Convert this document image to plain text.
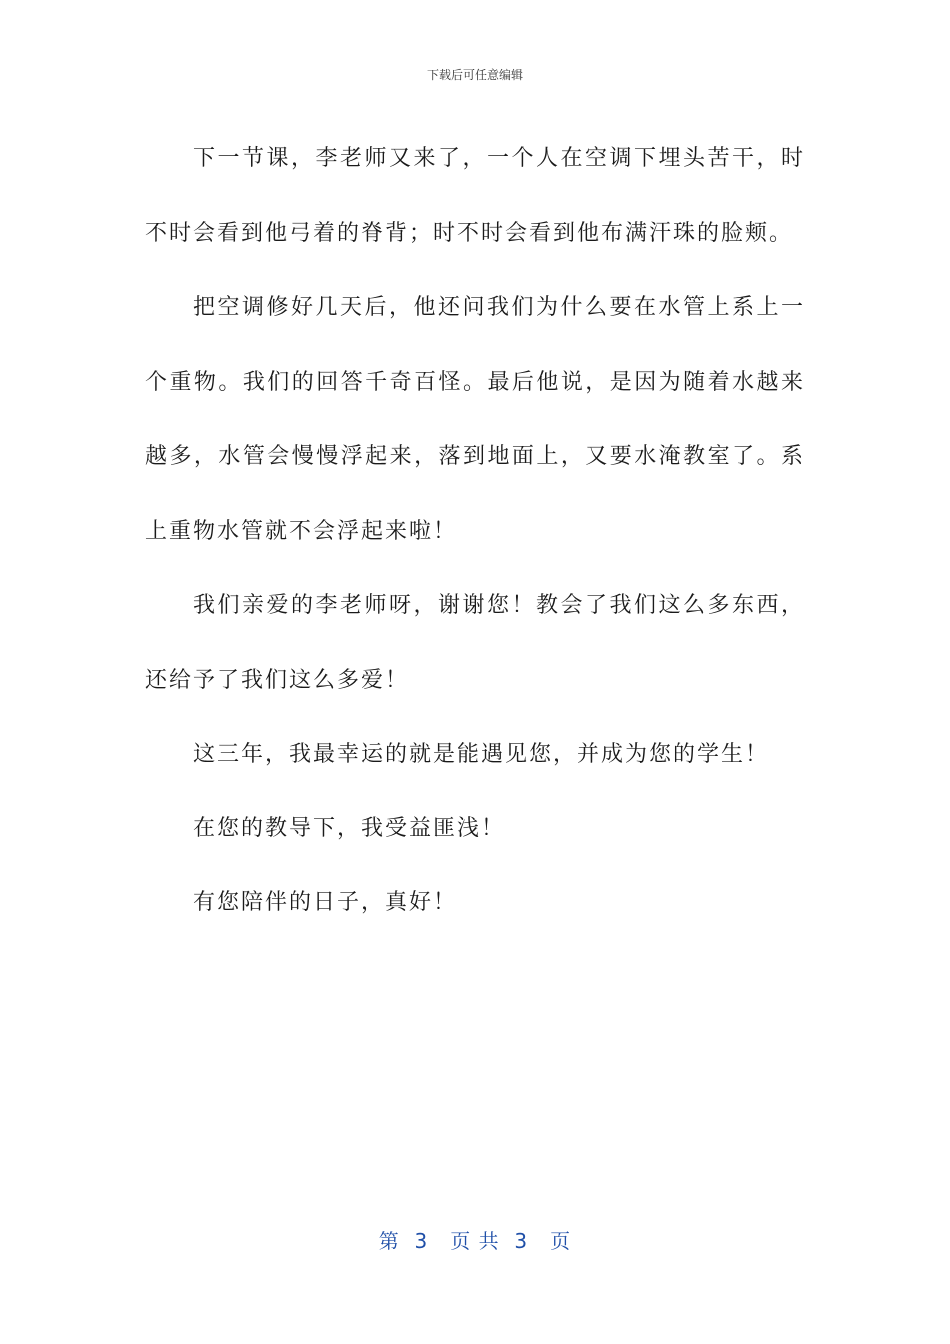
下载后可任意编辑

下一节课，李老师又来了，一个人在空调下埋头苦干，时不时会看到他弓着的脊背；时不时会看到他布满汗珠的脸颊。

把空调修好几天后，他还问我们为什么要在水管上系上一个重物。我们的回答千奇百怪。最后他说，是因为随着水越来越多，水管会慢慢浮起来，落到地面上，又要水淹教室了。系上重物水管就不会浮起来啦！

我们亲爱的李老师呀，谢谢您！教会了我们这么多东西，还给予了我们这么多爱！

这三年，我最幸运的就是能遇见您，并成为您的学生！

在您的教导下，我受益匪浅！

有您陪伴的日子，真好！

第  3   页 共  3   页
